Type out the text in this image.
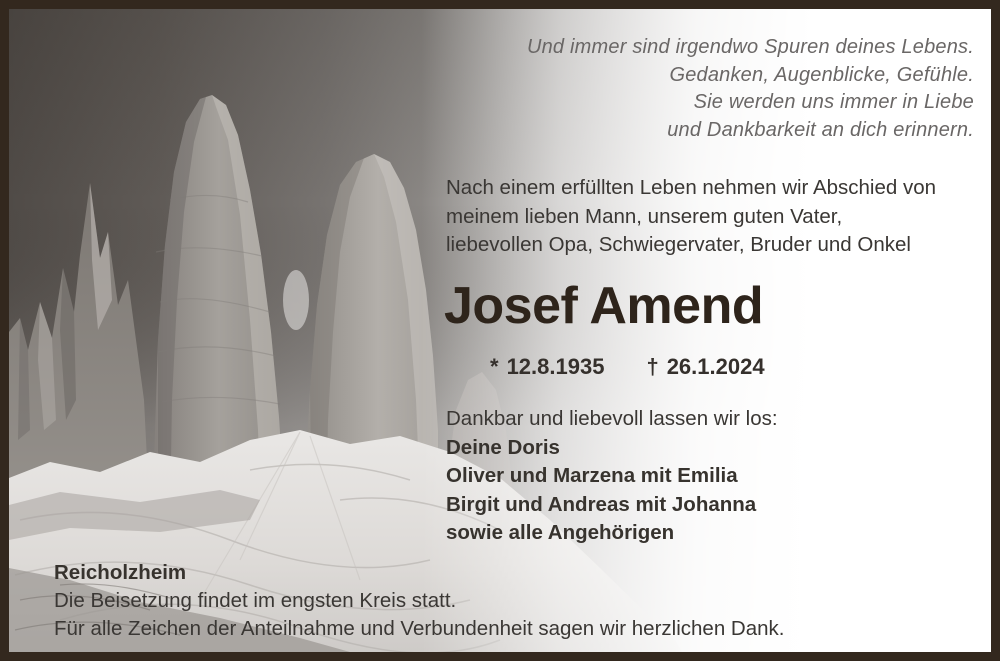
Und immer sind irgendwo Spuren deines Lebens.
Gedanken, Augenblicke, Gefühle.
Sie werden uns immer in Liebe
und Dankbarkeit an dich erinnern.
Nach einem erfüllten Leben nehmen wir Abschied von
meinem lieben Mann, unserem guten Vater,
liebevollen Opa, Schwiegervater, Bruder und Onkel
Josef Amend
* 12.8.1935 † 26.1.2024
Dankbar und liebevoll lassen wir los:
Deine Doris
Oliver und Marzena mit Emilia
Birgit und Andreas mit Johanna
sowie alle Angehörigen
Reicholzheim
Die Beisetzung findet im engsten Kreis statt.
Für alle Zeichen der Anteilnahme und Verbundenheit sagen wir herzlichen Dank.
